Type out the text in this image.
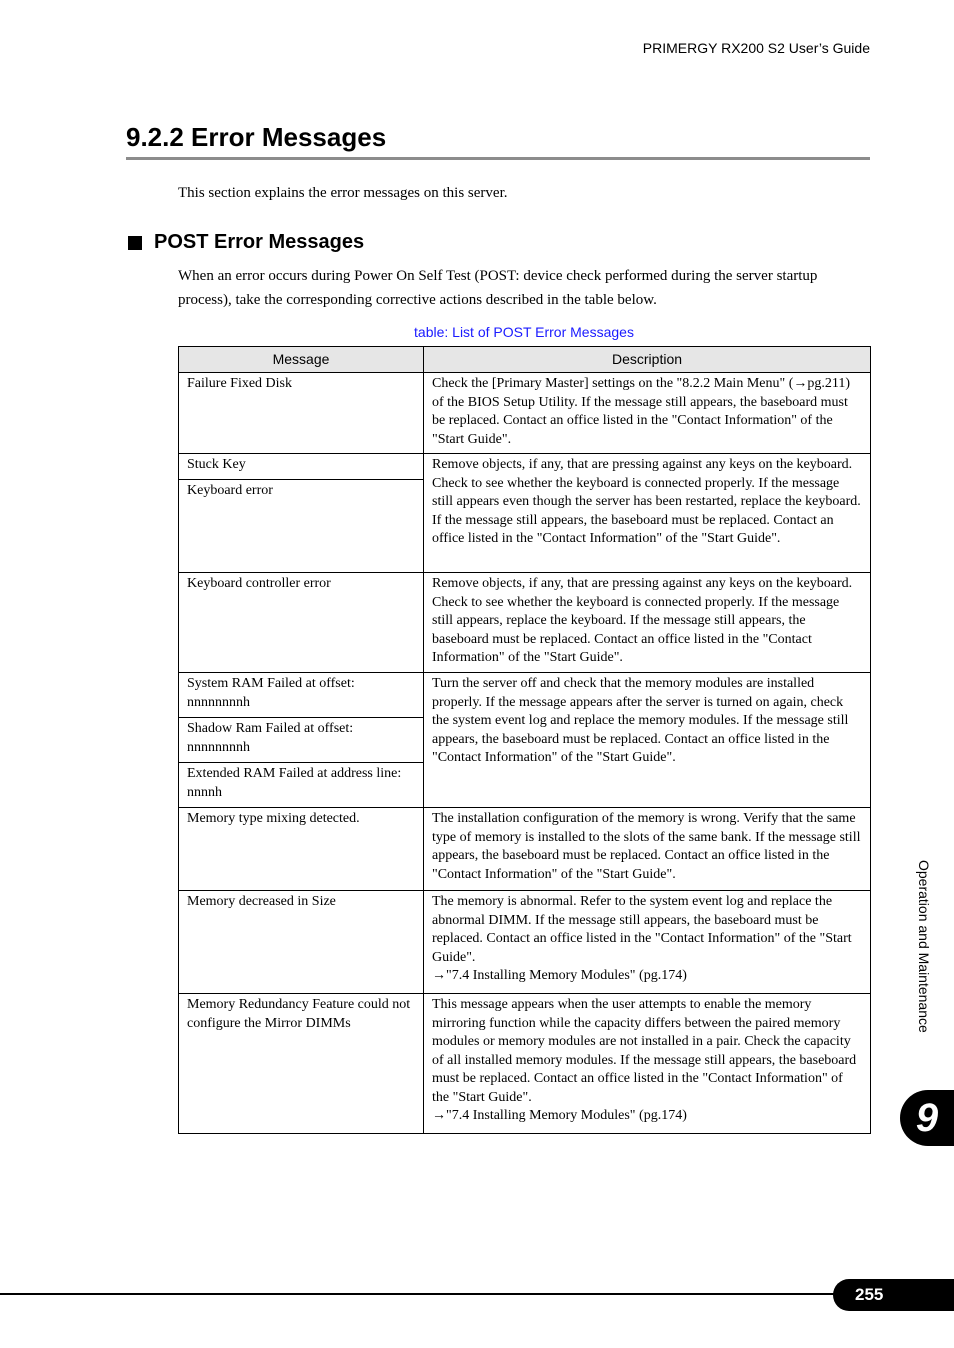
PRIMERGY RX200 S2 User’s Guide
9.2.2 Error Messages
This section explains the error messages on this server.
POST Error Messages
When an error occurs during Power On Self Test (POST: device check performed during the server startup process), take the corresponding corrective actions described in the table below.
table: List of POST Error Messages
Message	Description
Failure Fixed Disk	Check the [Primary Master] settings on the "8.2.2 Main Menu" (→pg.211) of the BIOS Setup Utility. If the message still appears, the baseboard must be replaced. Contact an office listed in the "Contact Information" of the "Start Guide".
Stuck Key	Remove objects, if any, that are pressing against any keys on the keyboard. Check to see whether the keyboard is connected properly. If the message still appears even though the server has been restarted, replace the keyboard. If the message still appears, the baseboard must be replaced. Contact an office listed in the "Contact Information" of the "Start Guide".
Keyboard error	
Keyboard controller error	Remove objects, if any, that are pressing against any keys on the keyboard. Check to see whether the keyboard is connected properly. If the message still appears, replace the keyboard. If the message still appears, the baseboard must be replaced. Contact an office listed in the "Contact Information" of the "Start Guide".
System RAM Failed at offset: nnnnnnnnh	Turn the server off and check that the memory modules are installed properly. If the message appears after the server is turned on again, check the system event log and replace the memory modules. If the message still appears, the baseboard must be replaced. Contact an office listed in the "Contact Information" of the "Start Guide".
Shadow Ram Failed at offset: nnnnnnnnh	
Extended RAM Failed at address line: nnnnh	
Memory type mixing detected.	The installation configuration of the memory is wrong. Verify that the same type of memory is installed to the slots of the same bank. If the message still appears, the baseboard must be replaced. Contact an office listed in the "Contact Information" of the "Start Guide".
Memory decreased in Size	The memory is abnormal. Refer to the system event log and replace the abnormal DIMM. If the message still appears, the baseboard must be replaced. Contact an office listed in the "Contact Information" of the "Start Guide".
→"7.4 Installing Memory Modules" (pg.174)

Memory Redundancy Feature could not configure the Mirror DIMMs	This message appears when the user attempts to enable the memory mirroring function while the capacity differs between the paired memory modules or memory modules are not installed in a pair. Check the capacity of all installed memory modules. If the message still appears, the baseboard must be replaced. Contact an office listed in the "Contact Information" of the "Start Guide".
→"7.4 Installing Memory Modules" (pg.174)
Operation and Maintenance
9
255
